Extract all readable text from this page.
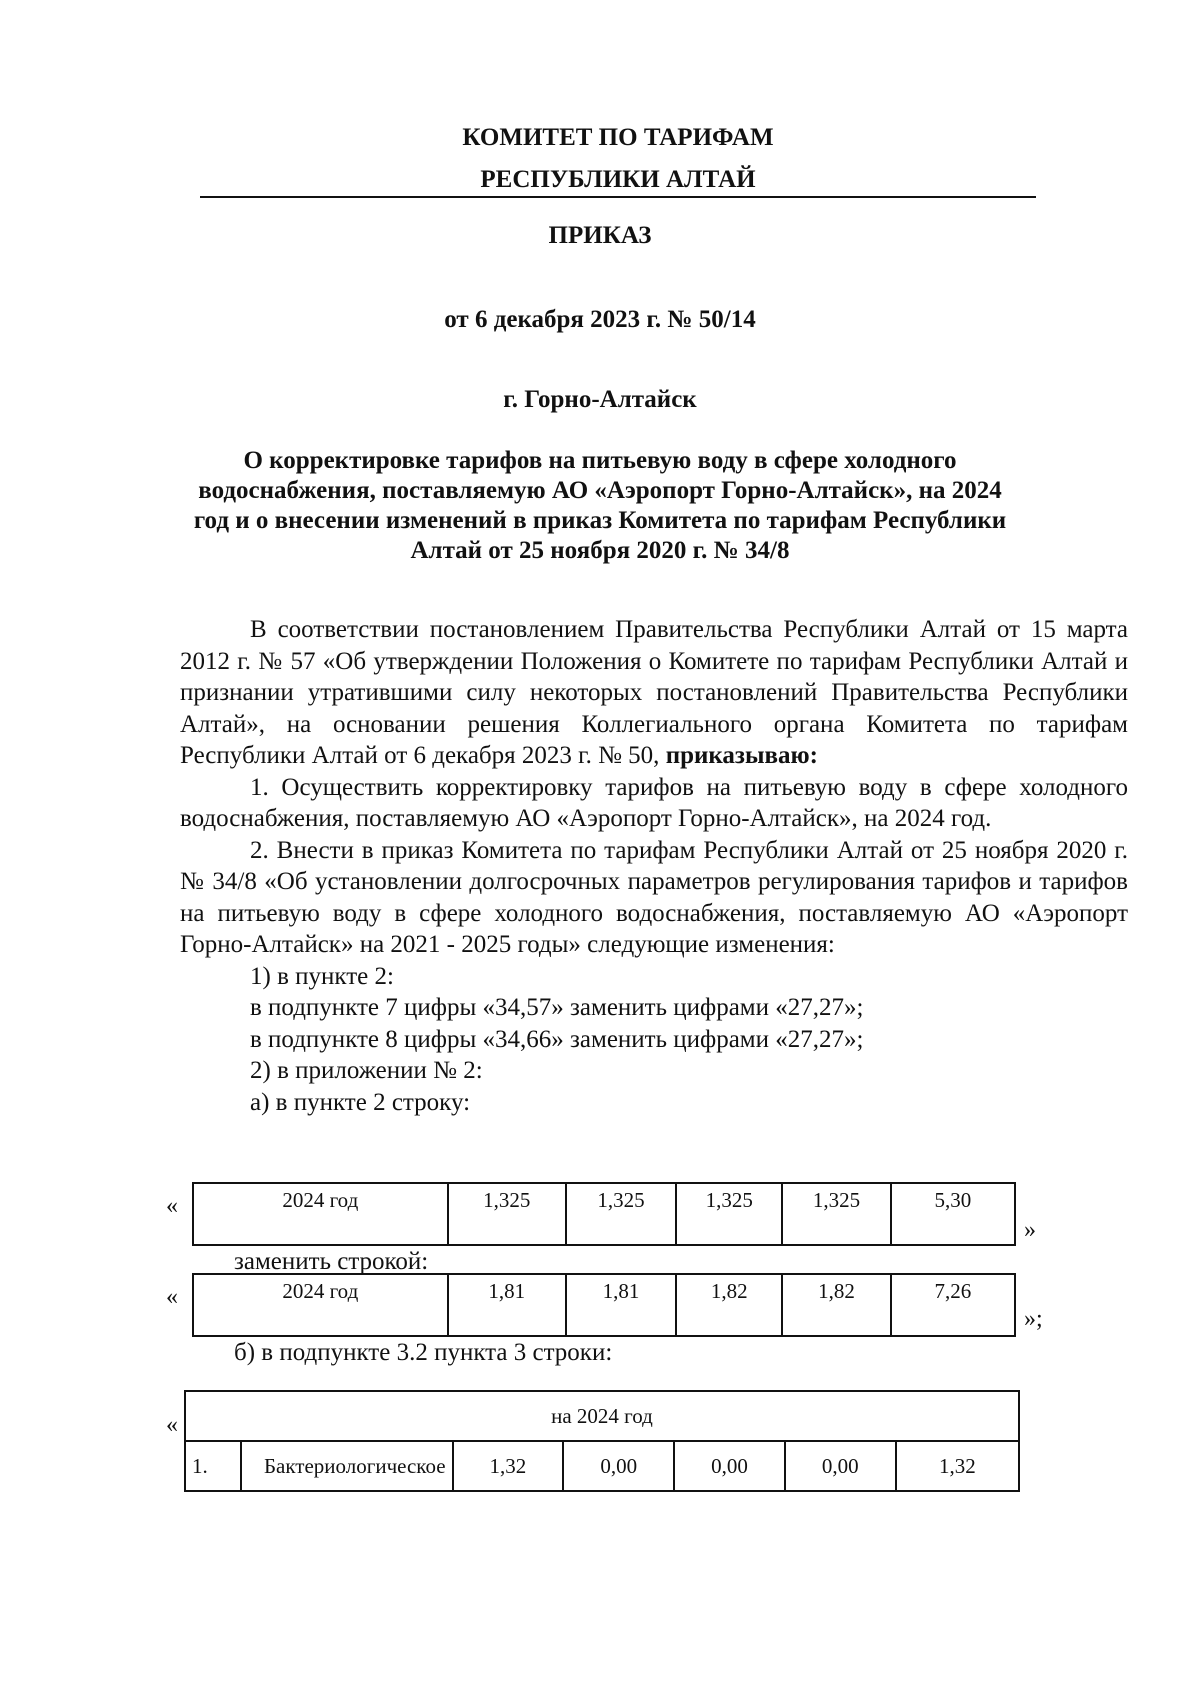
КОМИТЕТ ПО ТАРИФАМ
РЕСПУБЛИКИ АЛТАЙ
ПРИКАЗ
от 6 декабря 2023 г. № 50/14
г. Горно-Алтайск
О корректировке тарифов на питьевую воду в сфере холодного
водоснабжения, поставляемую АО «Аэропорт Горно-Алтайск», на 2024
год и о внесении изменений в приказ Комитета по тарифам Республики
Алтай от 25 ноября 2020 г. № 34/8

В соответствии постановлением Правительства Республики Алтай от 15 марта 2012 г. № 57 «Об утверждении Положения о Комитете по тарифам Республики Алтай и признании утратившими силу некоторых постановлений Правительства Республики Алтай», на основании решения Коллегиального органа Комитета по тарифам Республики Алтай от 6 декабря 2023 г. № 50, приказываю:

1. Осуществить корректировку тарифов на питьевую воду в сфере холодного водоснабжения, поставляемую АО «Аэропорт Горно-Алтайск», на 2024 год.

2. Внести в приказ Комитета по тарифам Республики Алтай от 25 ноября 2020 г. № 34/8 «Об установлении долгосрочных параметров регулирования тарифов и тарифов на питьевую воду в сфере холодного водоснабжения, поставляемую АО «Аэропорт Горно-Алтайск» на 2021 - 2025 годы» следующие изменения:

1) в пункте 2:

в подпункте 7 цифры «34,57» заменить цифрами «27,27»;

в подпункте 8 цифры «34,66» заменить цифрами «27,27»;

2) в приложении № 2:

а) в пункте 2 строку:

«	2024 год	1,325	1,325	1,325	1,325	5,30
»
заменить строкой:
«	2024 год	1,81	1,81	1,82	1,82	7,26
»;
б) в подпункте 3.2 пункта 3 строки:
«	на 2024 год
1.	Бактериологическое	1,32	0,00	0,00	0,00	1,32
